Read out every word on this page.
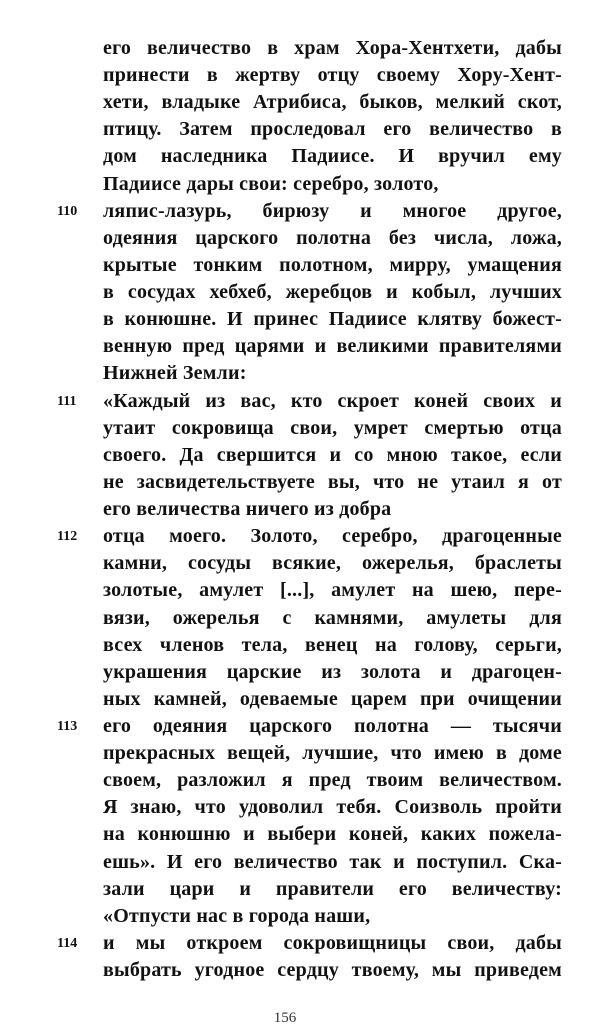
156
его величество в храм Хора-Хентхети, дабы
принести в жертву отцу своему Хору-Хент-
хети, владыке Атрибиса, быков, мелкий скот,
птицу. Затем проследовал его величество в
дом наследника Падиисе. И вручил ему
Падиисе дары свои: серебро, золото,
ляпис-лазурь, бирюзу и многое другое,
110
одеяния царского полотна без числа, ложа,
крытые тонким полотном, мирру, умащения
в сосудах хебхеб, жеребцов и кобыл, лучших
в конюшне. И принес Падиисе клятву божест-
венную пред царями и великими правителями
Нижней Земли:
«Каждый из вас, кто скроет коней своих и
111
утаит сокровища свои, умрет смертью отца
своего. Да свершится и со мною такое, если
не засвидетельствуете вы, что не утаил я от
его величества ничего из добра
отца моего. Золото, серебро, драгоценные
112
камни, сосуды всякие, ожерелья, браслеты
золотые, амулет [...], амулет на шею, пере-
вязи, ожерелья с камнями, амулеты для
всех членов тела, венец на голову, серьги,
украшения царские из золота и драгоцен-
ных камней, одеваемые царем при очищении
его одеяния царского полотна — тысячи
113
прекрасных вещей, лучшие, что имею в доме
своем, разложил я пред твоим величеством.
Я знаю, что удоволил тебя. Соизволь пройти
на конюшню и выбери коней, каких пожела-
ешь». И его величество так и поступил. Ска-
зали цари и правители его величеству:
«Отпусти нас в города наши,
и мы откроем сокровищницы свои, дабы
114
выбрать угодное сердцу твоему, мы приведем
